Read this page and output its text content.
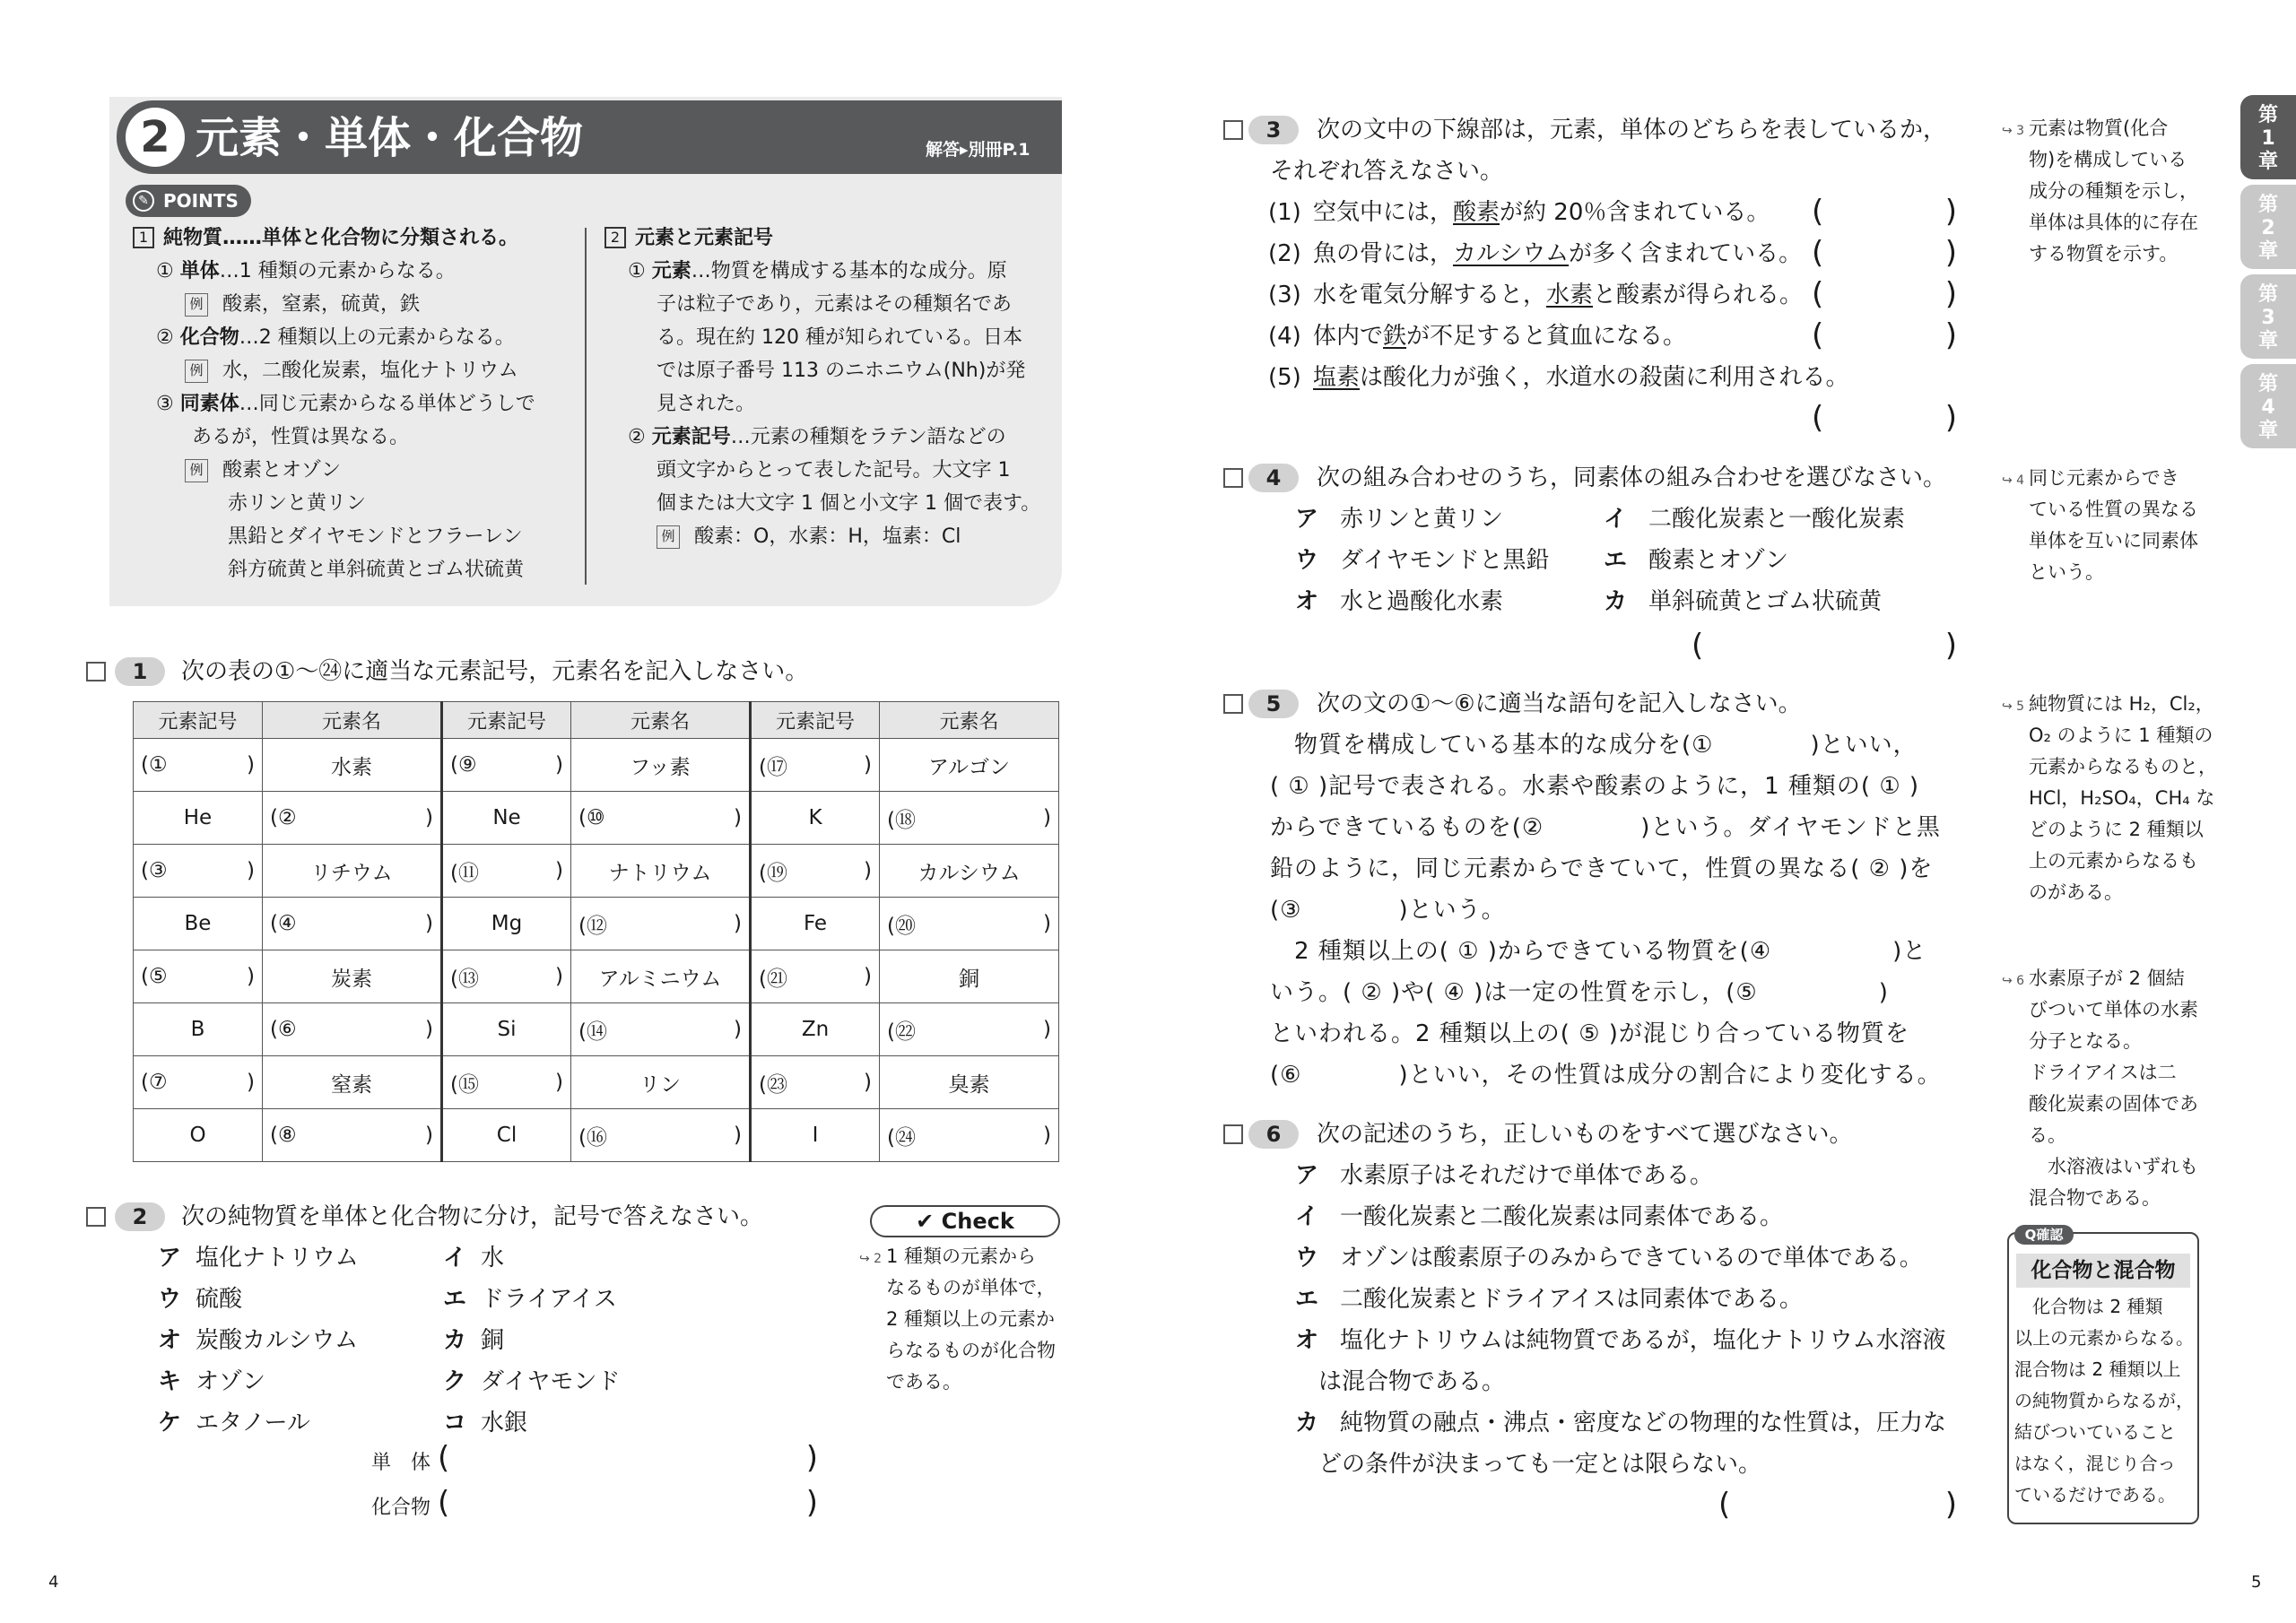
2 元素・単体・化合物	解答▸別冊P.1
✎ POINTS
1	次の表の①～㉔に適当な元素記号，元素名を記入しなさい。
元素記号	元素名	元素記号	元素名	元素記号	元素名

(① )	水素	(⑨ )	フッ素	(⑰ )	アルゴン
He	(② )	Ne	(⑩ )	K	(⑱ )

(③ )	リチウム	(⑪ )	ナトリウム	(⑲ )	カルシウム
Be	(④ )	Mg	(⑫ )	Fe	(⑳ )

(⑤ )	炭素	(⑬ )	アルミニウム	(㉑ )	銅
B	(⑥ )	Si	(⑭ )	Zn	(㉒ )

(⑦ )	窒素	(⑮ )	リン	(㉓ )	臭素
O	(⑧ )	Cl	(⑯ )	I	(㉔ )
2	次の純物質を単体と化合物に分け，記号で答えなさい。
単　体 (	)
化合物 (	)
✔ Check
4
3	次の文中の下線部は，元素，単体のどちらを表しているか，
それぞれ答えなさい。
4	次の組み合わせのうち，同素体の組み合わせを選びなさい。
(	)
5	次の文の①～⑥に適当な語句を記入しなさい。
6	次の記述のうち，正しいものをすべて選びなさい。
(	)
Q確認
化合物と混合物
5
1 純物質……単体と化合物に分類される。
① 単体…1 種類の元素からなる。
例 酸素，窒素，硫黄，鉄
② 化合物…2 種類以上の元素からなる。
例 水，二酸化炭素，塩化ナトリウム
③ 同素体…同じ元素からなる単体どうしで
あるが，性質は異なる。
例 酸素とオゾン
赤リンと黄リン
黒鉛とダイヤモンドとフラーレン
斜方硫黄と単斜硫黄とゴム状硫黄
2 元素と元素記号
① 元素…物質を構成する基本的な成分。原
子は粒子であり，元素はその種類名であ
る。現在約 120 種が知られている。日本
では原子番号 113 のニホニウム(Nh)が発
見された。
② 元素記号…元素の種類をラテン語などの
頭文字からとって表した記号。大文字 1
個または大文字 1 個と小文字 1 個で表す。
例 酸素：O，水素：H，塩素：Cl
ア 塩化ナトリウム	イ 水
ウ 硫酸	エ ドライアイス
オ 炭酸カルシウム	カ 銅
キ オゾン	ク ダイヤモンド
ケ エタノール	コ 水銀
↪ 2 1 種類の元素から
なるものが単体で，
2 種類以上の元素か
らなるものが化合物
である。
(1) 空気中には，酸素が約 20％含まれている。 (	)
(2) 魚の骨には，カルシウムが多く含まれている。 (	)
(3) 水を電気分解すると，水素と酸素が得られる。 (	)
(4) 体内で鉄が不足すると貧血になる。	(	)
(5) 塩素は酸化力が強く，水道水の殺菌に利用される。
(	)
↪ 3 元素は物質(化合
物)を構成している
成分の種類を示し，
単体は具体的に存在
する物質を示す。
ア 赤リンと黄リン	イ 二酸化炭素と一酸化炭素
ウ ダイヤモンドと黒鉛 エ 酸素とオゾン
オ 水と過酸化水素	カ 単斜硫黄とゴム状硫黄
↪ 4 同じ元素からでき
ている性質の異なる
単体を互いに同素体
という。
　物質を構成している基本的な成分を(①　　　　)といい，
( ① )記号で表される。水素や酸素のように，1 種類の( ① )
からできているものを(②　　　　)という。ダイヤモンドと黒
鉛のように，同じ元素からできていて，性質の異なる( ② )を
(③　　　　)という。
　2 種類以上の( ① )からできている物質を(④　　　　　)と
いう。( ② )や( ④ )は一定の性質を示し，(⑤　　　　　)
といわれる。2 種類以上の( ⑤ )が混じり合っている物質を
(⑥　　　　)といい，その性質は成分の割合により変化する。
↪ 5 純物質には H₂，Cl₂，
O₂ のように 1 種類の
元素からなるものと，
HCl，H₂SO₄，CH₄ な
どのように 2 種類以
上の元素からなるも
のがある。
↪ 6 水素原子が 2 個結
びついて単体の水素
分子となる。
ドライアイスは二
酸化炭素の固体であ
る。
　水溶液はいずれも
混合物である。
ア 水素原子はそれだけで単体である。
イ 一酸化炭素と二酸化炭素は同素体である。
ウ オゾンは酸素原子のみからできているので単体である。
エ 二酸化炭素とドライアイスは同素体である。
オ 塩化ナトリウムは純物質であるが，塩化ナトリウム水溶液
は混合物である。
カ 純物質の融点・沸点・密度などの物理的な性質は，圧力な
どの条件が決まっても一定とは限らない。
　化合物は 2 種類
以上の元素からなる。
混合物は 2 種類以上
の純物質からなるが，
結びついていること
はなく，混じり合っ
ているだけである。
第
1
章
第
2
章
第
3
章
第
4
章
